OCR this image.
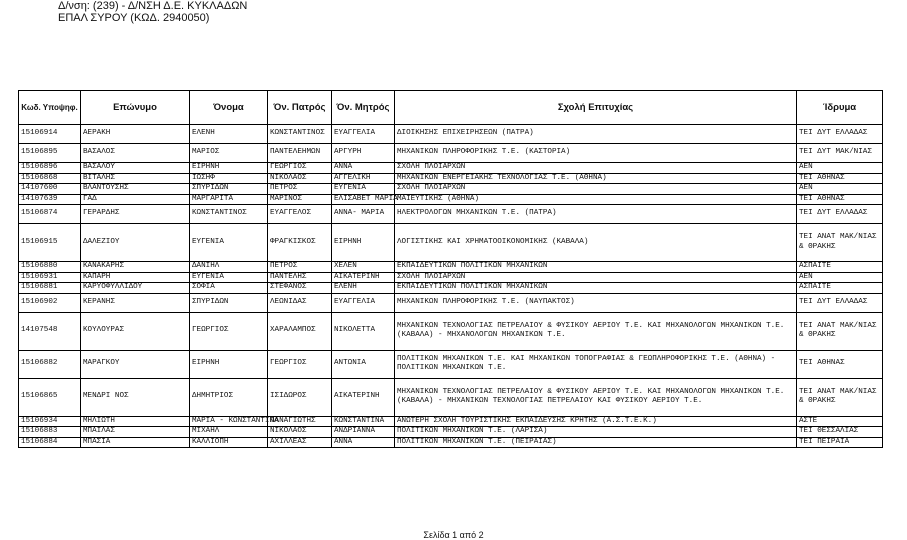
Δ/νση: (239) - Δ/ΝΣΗ Δ.Ε. ΚΥΚΛΑΔΩΝ
ΕΠΑΛ ΣΥΡΟΥ (ΚΩΔ. 2940050)
Κωδ. Υποψηφ.	Επώνυμο	Όνομα	Όν. Πατρός	Όν. Μητρός	Σχολή Επιτυχίας	Ίδρυμα
15106914	ΑΕΡΑΚΗ	ΕΛΕΝΗ	ΚΩΝΣΤΑΝΤΙΝΟΣ	ΕΥΑΓΓΕΛΙΑ	ΔΙΟΙΚΗΣΗΣ ΕΠΙΧΕΙΡΗΣΕΩΝ (ΠΑΤΡΑ)	ΤΕΙ ΔΥΤ ΕΛΛΑΔΑΣ
15106895	ΒΑΣΑΛΟΣ	ΜΑΡΙΟΣ	ΠΑΝΤΕΛΕΗΜΩΝ	ΑΡΓΥΡΗ	ΜΗΧΑΝΙΚΩΝ ΠΛΗΡΟΦΟΡΙΚΗΣ Τ.Ε. (ΚΑΣΤΟΡΙΑ)	ΤΕΙ ΔΥΤ ΜΑΚ/ΝΙΑΣ
15106896	ΒΑΣΑΛΟΥ	ΕΙΡΗΝΗ	ΓΕΩΡΓΙΟΣ	ΑΝΝΑ	ΣΧΟΛΗ ΠΛΟΙΑΡΧΩΝ	ΑΕΝ
15106868	ΒΙΤΑΛΗΣ	ΙΩΣΗΦ	ΝΙΚΟΛΑΟΣ	ΑΓΓΕΛΙΚΗ	ΜΗΧΑΝΙΚΩΝ ΕΝΕΡΓΕΙΑΚΗΣ ΤΕΧΝΟΛΟΓΙΑΣ Τ.Ε. (ΑΘΗΝΑ)	ΤΕΙ ΑΘΗΝΑΣ
14107600	ΒΛΑΝΤΟΥΣΗΣ	ΣΠΥΡΙΔΩΝ	ΠΕΤΡΟΣ	ΕΥΓΕΝΙΑ	ΣΧΟΛΗ ΠΛΟΙΑΡΧΩΝ	ΑΕΝ
14107639	ΓΑΔ	ΜΑΡΓΑΡΙΤΑ	ΜΑΡΙΝΟΣ	ΕΛΙΣΑΒΕΤ ΜΑΡΙΑ	ΜΑΙΕΥΤΙΚΗΣ (ΑΘΗΝΑ)	ΤΕΙ ΑΘΗΝΑΣ
15106874	ΓΕΡΑΡΔΗΣ	ΚΩΝΣΤΑΝΤΙΝΟΣ	ΕΥΑΓΓΕΛΟΣ	ΑΝΝΑ- ΜΑΡΙΑ	ΗΛΕΚΤΡΟΛΟΓΩΝ ΜΗΧΑΝΙΚΩΝ Τ.Ε. (ΠΑΤΡΑ)	ΤΕΙ ΔΥΤ ΕΛΛΑΔΑΣ
15106915	ΔΑΛΕΖΙΟΥ	ΕΥΓΕΝΙΑ	ΦΡΑΓΚΙΣΚΟΣ	ΕΙΡΗΝΗ	ΛΟΓΙΣΤΙΚΗΣ ΚΑΙ ΧΡΗΜΑΤΟΟΙΚΟΝΟΜΙΚΗΣ (ΚΑΒΑΛΑ)	ΤΕΙ ΑΝΑΤ ΜΑΚ/ΝΙΑΣ & ΘΡΑΚΗΣ
15106880	ΚΑΝΑΚΑΡΗΣ	ΔΑΝΙΗΛ	ΠΕΤΡΟΣ	ΧΕΛΕΝ	ΕΚΠΑΙΔΕΥΤΙΚΩΝ ΠΟΛΙΤΙΚΩΝ ΜΗΧΑΝΙΚΩΝ	ΑΣΠΑΙΤΕ
15106931	ΚΑΠΑΡΗ	ΕΥΓΕΝΙΑ	ΠΑΝΤΕΛΗΣ	ΑΙΚΑΤΕΡΙΝΗ	ΣΧΟΛΗ ΠΛΟΙΑΡΧΩΝ	ΑΕΝ
15106881	ΚΑΡΥΟΦΥΛΛΙΔΟΥ	ΣΟΦΙΑ	ΣΤΕΦΑΝΟΣ	ΕΛΕΝΗ	ΕΚΠΑΙΔΕΥΤΙΚΩΝ ΠΟΛΙΤΙΚΩΝ ΜΗΧΑΝΙΚΩΝ	ΑΣΠΑΙΤΕ
15106902	ΚΕΡΑΝΗΣ	ΣΠΥΡΙΔΩΝ	ΛΕΩΝΙΔΑΣ	ΕΥΑΓΓΕΛΙΑ	ΜΗΧΑΝΙΚΩΝ ΠΛΗΡΟΦΟΡΙΚΗΣ Τ.Ε. (ΝΑΥΠΑΚΤΟΣ)	ΤΕΙ ΔΥΤ ΕΛΛΑΔΑΣ
14107548	ΚΟΥΛΟΥΡΑΣ	ΓΕΩΡΓΙΟΣ	ΧΑΡΑΛΑΜΠΟΣ	ΝΙΚΟΛΕΤΤΑ	ΜΗΧΑΝΙΚΩΝ ΤΕΧΝΟΛΟΓΙΑΣ ΠΕΤΡΕΛΑΙΟΥ & ΦΥΣΙΚΟΥ ΑΕΡΙΟΥ Τ.Ε. ΚΑΙ ΜΗΧΑΝΟΛΟΓΩΝ ΜΗΧΑΝΙΚΩΝ Τ.Ε. (ΚΑΒΑΛΑ) - ΜΗΧΑΝΟΛΟΓΩΝ ΜΗΧΑΝΙΚΩΝ Τ.Ε.	ΤΕΙ ΑΝΑΤ ΜΑΚ/ΝΙΑΣ & ΘΡΑΚΗΣ
15106882	ΜΑΡΑΓΚΟΥ	ΕΙΡΗΝΗ	ΓΕΩΡΓΙΟΣ	ΑΝΤΩΝΙΑ	ΠΟΛΙΤΙΚΩΝ ΜΗΧΑΝΙΚΩΝ Τ.Ε. ΚΑΙ ΜΗΧΑΝΙΚΩΝ ΤΟΠΟΓΡΑΦΙΑΣ & ΓΕΩΠΛΗΡΟΦΟΡΙΚΗΣ Τ.Ε. (ΑΘΗΝΑ) - ΠΟΛΙΤΙΚΩΝ ΜΗΧΑΝΙΚΩΝ Τ.Ε.	ΤΕΙ ΑΘΗΝΑΣ
15106865	ΜΕΝΔΡΙ ΝΟΣ	ΔΗΜΗΤΡΙΟΣ	ΙΣΙΔΩΡΟΣ	ΑΙΚΑΤΕΡΙΝΗ	ΜΗΧΑΝΙΚΩΝ ΤΕΧΝΟΛΟΓΙΑΣ ΠΕΤΡΕΛΑΙΟΥ & ΦΥΣΙΚΟΥ ΑΕΡΙΟΥ Τ.Ε. ΚΑΙ ΜΗΧΑΝΟΛΟΓΩΝ ΜΗΧΑΝΙΚΩΝ Τ.Ε. (ΚΑΒΑΛΑ) - ΜΗΧΑΝΙΚΩΝ ΤΕΧΝΟΛΟΓΙΑΣ ΠΕΤΡΕΛΑΙΟΥ ΚΑΙ ΦΥΣΙΚΟΥ ΑΕΡΙΟΥ Τ.Ε.	ΤΕΙ ΑΝΑΤ ΜΑΚ/ΝΙΑΣ & ΘΡΑΚΗΣ
15106934	ΜΗΛΙΩΤΗ	ΜΑΡΙΑ - ΚΩΝΣΤΑΝΤΙΝΑ	ΠΑΝΑΓΙΩΤΗΣ	ΚΩΝΣΤΑΝΤΙΝΑ	ΑΝΩΤΕΡΗ ΣΧΟΛΗ ΤΟΥΡΙΣΤΙΚΗΣ ΕΚΠΑΙΔΕΥΣΗΣ ΚΡΗΤΗΣ (Α.Σ.Τ.Ε.Κ.)	ΑΣΤΕ
15106883	ΜΠΑΙΛΑΣ	ΜΙΧΑΗΛ	ΝΙΚΟΛΑΟΣ	ΑΝΔΡΙΑΝΝΑ	ΠΟΛΙΤΙΚΩΝ ΜΗΧΑΝΙΚΩΝ Τ.Ε. (ΛΑΡΙΣΑ)	ΤΕΙ ΘΕΣΣΑΛΙΑΣ
15106884	ΜΠΑΣΙΑ	ΚΑΛΛΙΟΠΗ	ΑΧΙΛΛΕΑΣ	ΑΝΝΑ	ΠΟΛΙΤΙΚΩΝ ΜΗΧΑΝΙΚΩΝ Τ.Ε. (ΠΕΙΡΑΙΑΣ)	ΤΕΙ ΠΕΙΡΑΙΑ
Σελίδα 1 από 2
